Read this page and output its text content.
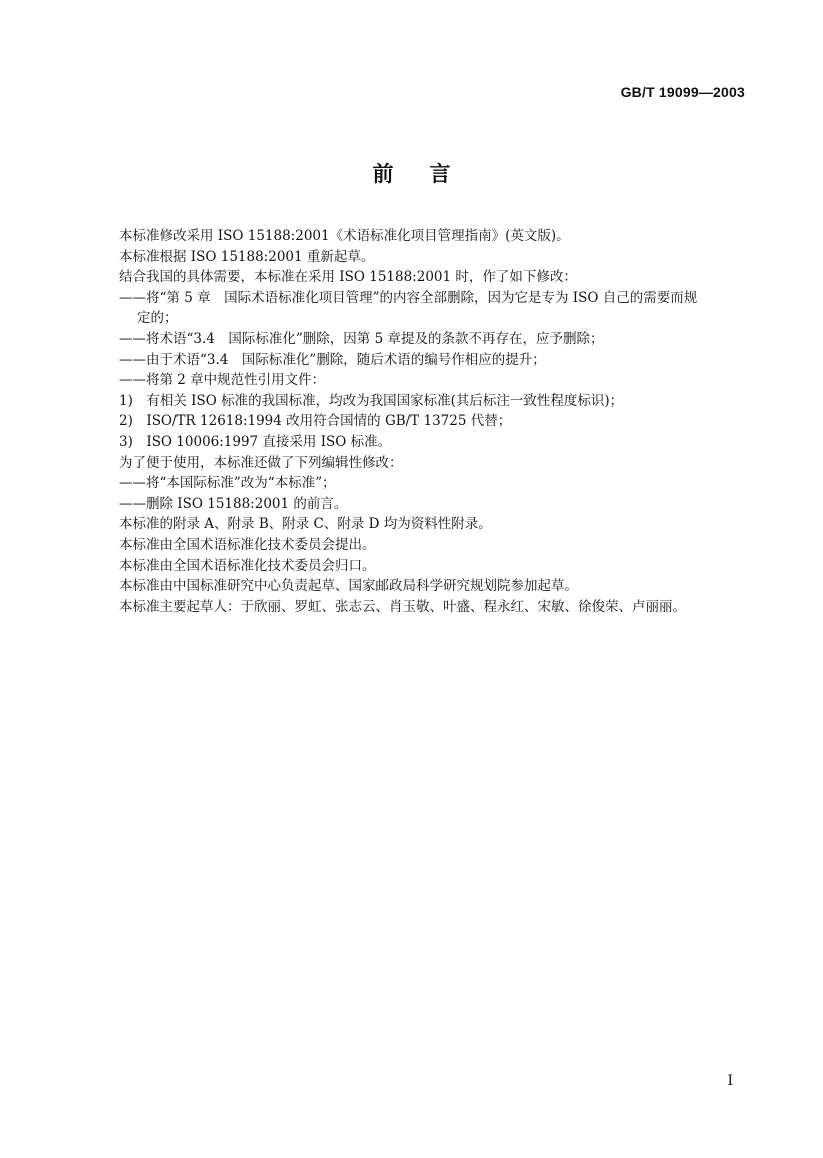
GB/T 19099—2003
前言

本标准修改采用 ISO 15188:2001《术语标准化项目管理指南》(英文版)。

本标准根据 ISO 15188:2001 重新起草。

结合我国的具体需要，本标准在采用 ISO 15188:2001 时，作了如下修改：

——将“第 5 章　国际术语标准化项目管理”的内容全部删除，因为它是专为 ISO 自己的需要而规

定的；

——将术语“3.4　国际标准化”删除，因第 5 章提及的条款不再存在，应予删除；

——由于术语“3.4　国际标准化”删除，随后术语的编号作相应的提升；

——将第 2 章中规范性引用文件：

1)　有相关 ISO 标准的我国标准，均改为我国国家标准(其后标注一致性程度标识)；

2)　ISO/TR 12618:1994 改用符合国情的 GB/T 13725 代替；

3)　ISO 10006:1997 直接采用 ISO 标准。

为了便于使用，本标准还做了下列编辑性修改：

——将“本国际标准”改为“本标准”；

——删除 ISO 15188:2001 的前言。

本标准的附录 A、附录 B、附录 C、附录 D 均为资料性附录。

本标准由全国术语标准化技术委员会提出。

本标准由全国术语标准化技术委员会归口。

本标准由中国标准研究中心负责起草、国家邮政局科学研究规划院参加起草。

本标准主要起草人：于欣丽、罗虹、张志云、肖玉敬、叶盛、程永红、宋敏、徐俊荣、卢丽丽。

I
